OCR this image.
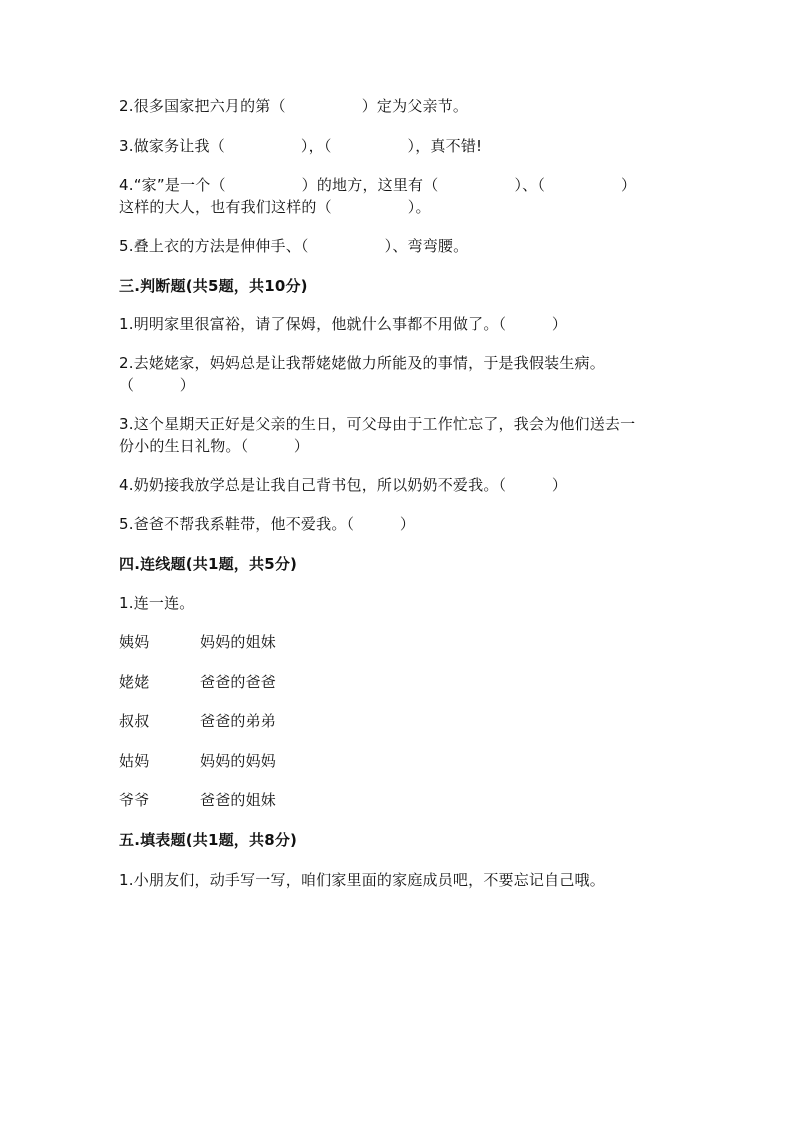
2.很多国家把六月的第（　　　　　）定为父亲节。
3.做家务让我（　　　　　），（　　　　　），真不错!
4.“家”是一个（　　　　　）的地方，这里有（　　　　　）、（　　　　　）
这样的大人，也有我们这样的（　　　　　）。
5.叠上衣的方法是伸伸手、（　　　　　）、弯弯腰。
三.判断题(共5题，共10分)
1.明明家里很富裕，请了保姆，他就什么事都不用做了。（　　　）
2.去姥姥家，妈妈总是让我帮姥姥做力所能及的事情，于是我假装生病。
（　　　）
3.这个星期天正好是父亲的生日，可父母由于工作忙忘了，我会为他们送去一
份小的生日礼物。（　　　）
4.奶奶接我放学总是让我自己背书包，所以奶奶不爱我。（　　　）
5.爸爸不帮我系鞋带，他不爱我。（　　　）
四.连线题(共1题，共5分)
1.连一连。
姨妈	妈妈的姐妹
姥姥	爸爸的爸爸
叔叔	爸爸的弟弟
姑妈	妈妈的妈妈
爷爷	爸爸的姐妹
五.填表题(共1题，共8分)
1.小朋友们，动手写一写，咱们家里面的家庭成员吧，不要忘记自己哦。
